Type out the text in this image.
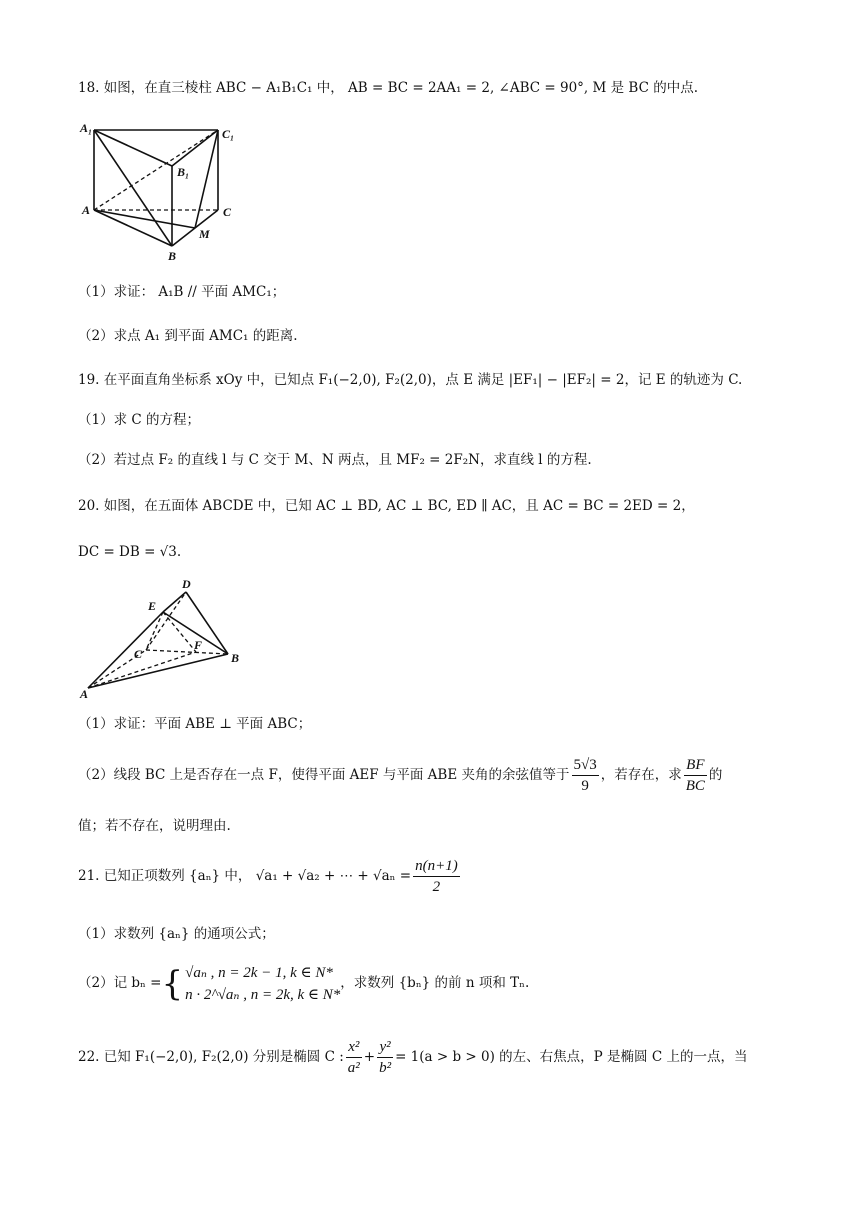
18. 如图，在直三棱柱 ABC − A₁B₁C₁ 中， AB = BC = 2AA₁ = 2, ∠ABC = 90°, M 是 BC 的中点.
A₁	C₁
B₁
A	C
M
B
（1）求证： A₁B // 平面 AMC₁；
（2）求点 A₁ 到平面 AMC₁ 的距离.
19. 在平面直角坐标系 xOy 中，已知点 F₁(−2,0), F₂(2,0)，点 E 满足 |EF₁| − |EF₂| = 2，记 E 的轨迹为 C.
（1）求 C 的方程；
（2）若过点 F₂ 的直线 l 与 C 交于 M、N 两点，且 MF₂ = 2F₂N，求直线 l 的方程.
20. 如图，在五面体 ABCDE 中，已知 AC ⊥ BD, AC ⊥ BC, ED ∥ AC，且 AC = BC = 2ED = 2，
DC = DB = √3.
D
E
C
F
B
A
（1）求证：平面 ABE ⊥ 平面 ABC；
（2）线段 BC 上是否存在一点 F，使得平面 AEF 与平面 ABE 夹角的余弦值等于 $\frac{5√3}{9}$ ，若存在，求 $\frac{BF}{BC}$ 的
值；若不存在，说明理由.
21. 已知正项数列 {aₙ} 中， √a₁ + √a₂ + ⋯ + $√a_n = \frac{n(n+1)}{2}$
（1）求数列 {aₙ} 的通项公式；
（2）记 bₙ ={ √aₙ , n = 2k − 1, k ∈ N*
n · 2^√aₙ , n = 2k, k ∈ N*
，求数列 {bₙ} 的前 n 项和 Tₙ.
22. 已知 F₁(−2,0), F₂(2,0) 分别是椭圆 C : $\frac{\text{x²}}{\text{a²}} + \frac{\text{y²}}{\text{b²}} = 1(a > b > 0)$ 的左、右焦点，P 是椭圆 C 上的一点，当
